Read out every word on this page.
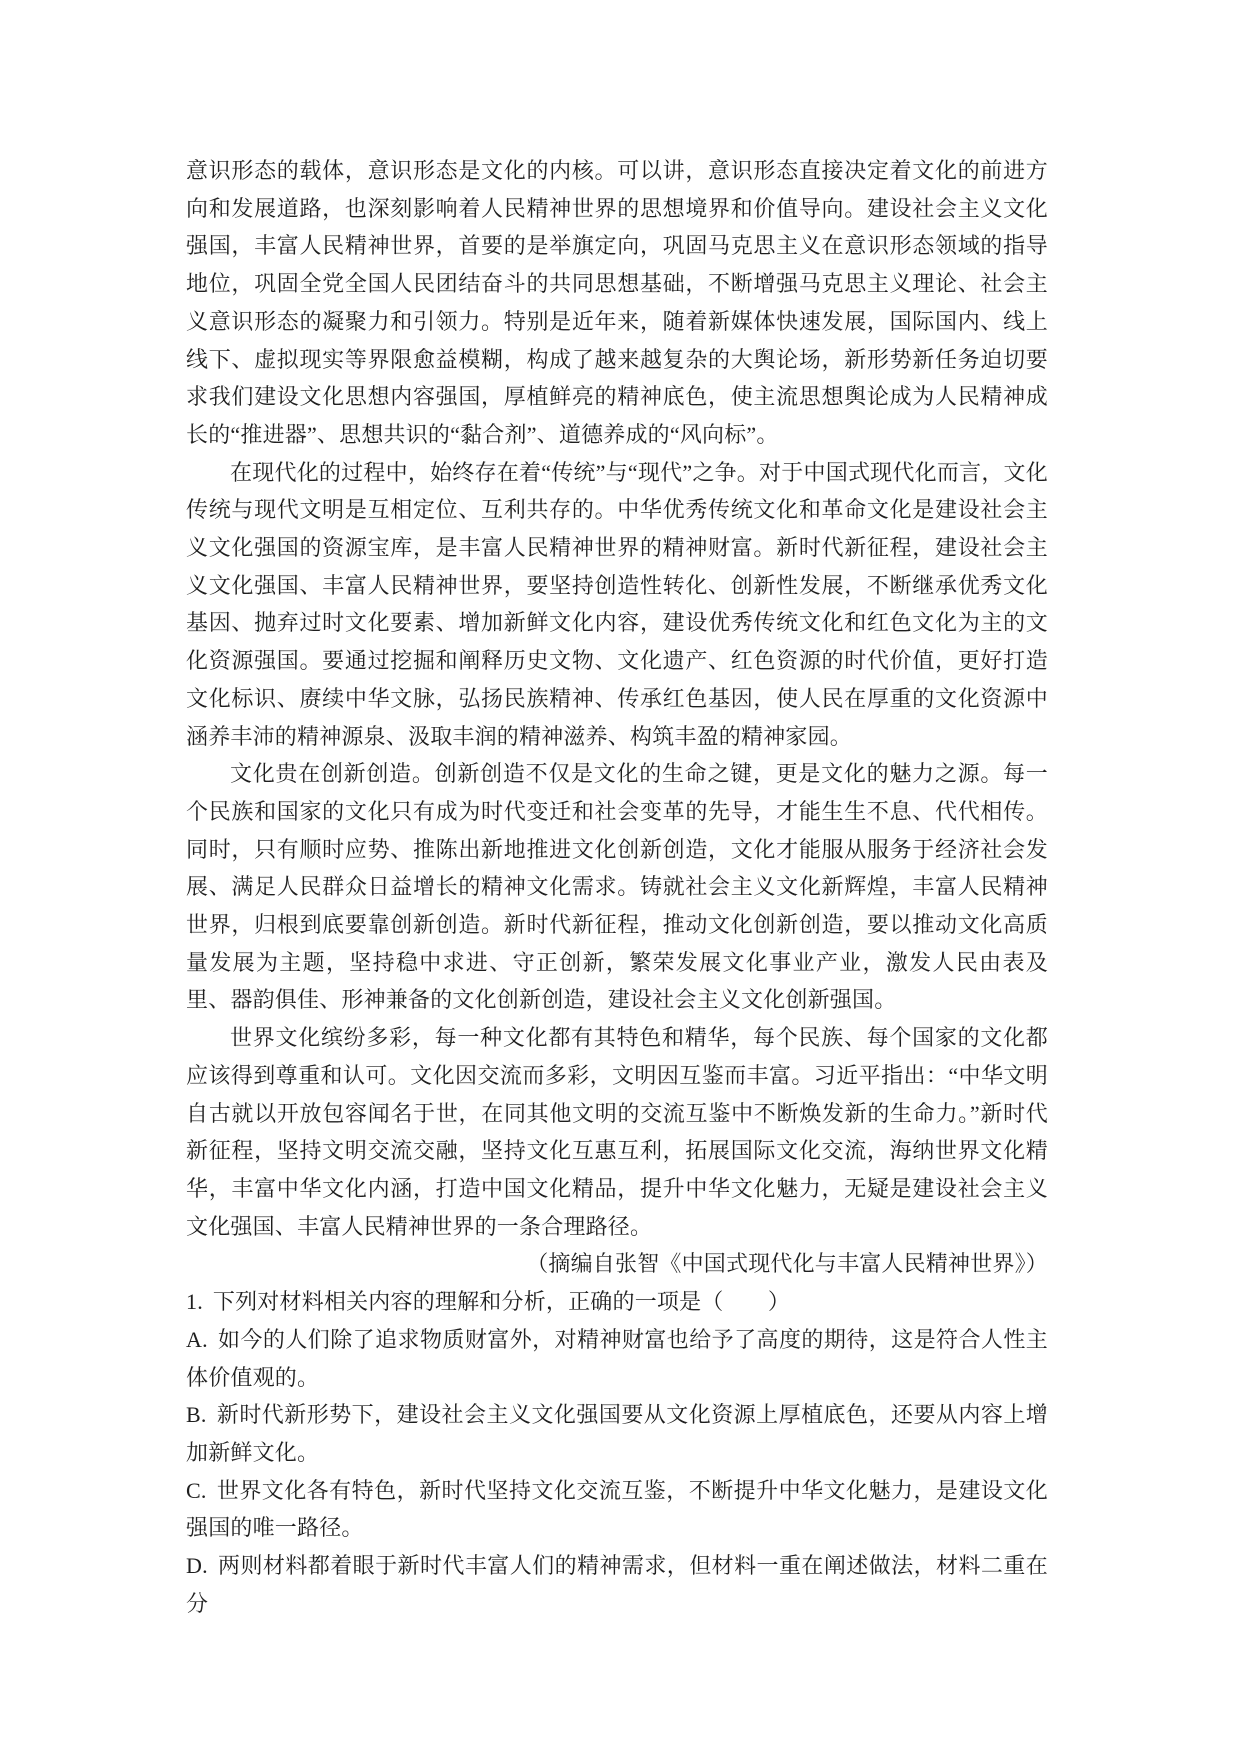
意识形态的载体，意识形态是文化的内核。可以讲，意识形态直接决定着文化的前进方向和发展道路，也深刻影响着人民精神世界的思想境界和价值导向。建设社会主义文化强国，丰富人民精神世界，首要的是举旗定向，巩固马克思主义在意识形态领域的指导地位，巩固全党全国人民团结奋斗的共同思想基础，不断增强马克思主义理论、社会主义意识形态的凝聚力和引领力。特别是近年来，随着新媒体快速发展，国际国内、线上线下、虚拟现实等界限愈益模糊，构成了越来越复杂的大舆论场，新形势新任务迫切要求我们建设文化思想内容强国，厚植鲜亮的精神底色，使主流思想舆论成为人民精神成长的“推进器”、思想共识的“黏合剂”、道德养成的“风向标”。

在现代化的过程中，始终存在着“传统”与“现代”之争。对于中国式现代化而言，文化传统与现代文明是互相定位、互利共存的。中华优秀传统文化和革命文化是建设社会主义文化强国的资源宝库，是丰富人民精神世界的精神财富。新时代新征程，建设社会主义文化强国、丰富人民精神世界，要坚持创造性转化、创新性发展，不断继承优秀文化基因、抛弃过时文化要素、增加新鲜文化内容，建设优秀传统文化和红色文化为主的文化资源强国。要通过挖掘和阐释历史文物、文化遗产、红色资源的时代价值，更好打造文化标识、赓续中华文脉，弘扬民族精神、传承红色基因，使人民在厚重的文化资源中涵养丰沛的精神源泉、汲取丰润的精神滋养、构筑丰盈的精神家园。

文化贵在创新创造。创新创造不仅是文化的生命之键，更是文化的魅力之源。每一个民族和国家的文化只有成为时代变迁和社会变革的先导，才能生生不息、代代相传。同时，只有顺时应势、推陈出新地推进文化创新创造，文化才能服从服务于经济社会发展、满足人民群众日益增长的精神文化需求。铸就社会主义文化新辉煌，丰富人民精神世界，归根到底要靠创新创造。新时代新征程，推动文化创新创造，要以推动文化高质量发展为主题，坚持稳中求进、守正创新，繁荣发展文化事业产业，激发人民由表及里、器韵俱佳、形神兼备的文化创新创造，建设社会主义文化创新强国。

世界文化缤纷多彩，每一种文化都有其特色和精华，每个民族、每个国家的文化都应该得到尊重和认可。文化因交流而多彩，文明因互鉴而丰富。习近平指出：“中华文明自古就以开放包容闻名于世，在同其他文明的交流互鉴中不断焕发新的生命力。”新时代新征程，坚持文明交流交融，坚持文化互惠互利，拓展国际文化交流，海纳世界文化精华，丰富中华文化内涵，打造中国文化精品，提升中华文化魅力，无疑是建设社会主义文化强国、丰富人民精神世界的一条合理路径。

（摘编自张智《中国式现代化与丰富人民精神世界》）

1. 下列对材料相关内容的理解和分析，正确的一项是（　　）

A. 如今的人们除了追求物质财富外，对精神财富也给予了高度的期待，这是符合人性主体价值观的。

B. 新时代新形势下，建设社会主义文化强国要从文化资源上厚植底色，还要从内容上增加新鲜文化。

C. 世界文化各有特色，新时代坚持文化交流互鉴，不断提升中华文化魅力，是建设文化强国的唯一路径。

D. 两则材料都着眼于新时代丰富人们的精神需求，但材料一重在阐述做法，材料二重在分
